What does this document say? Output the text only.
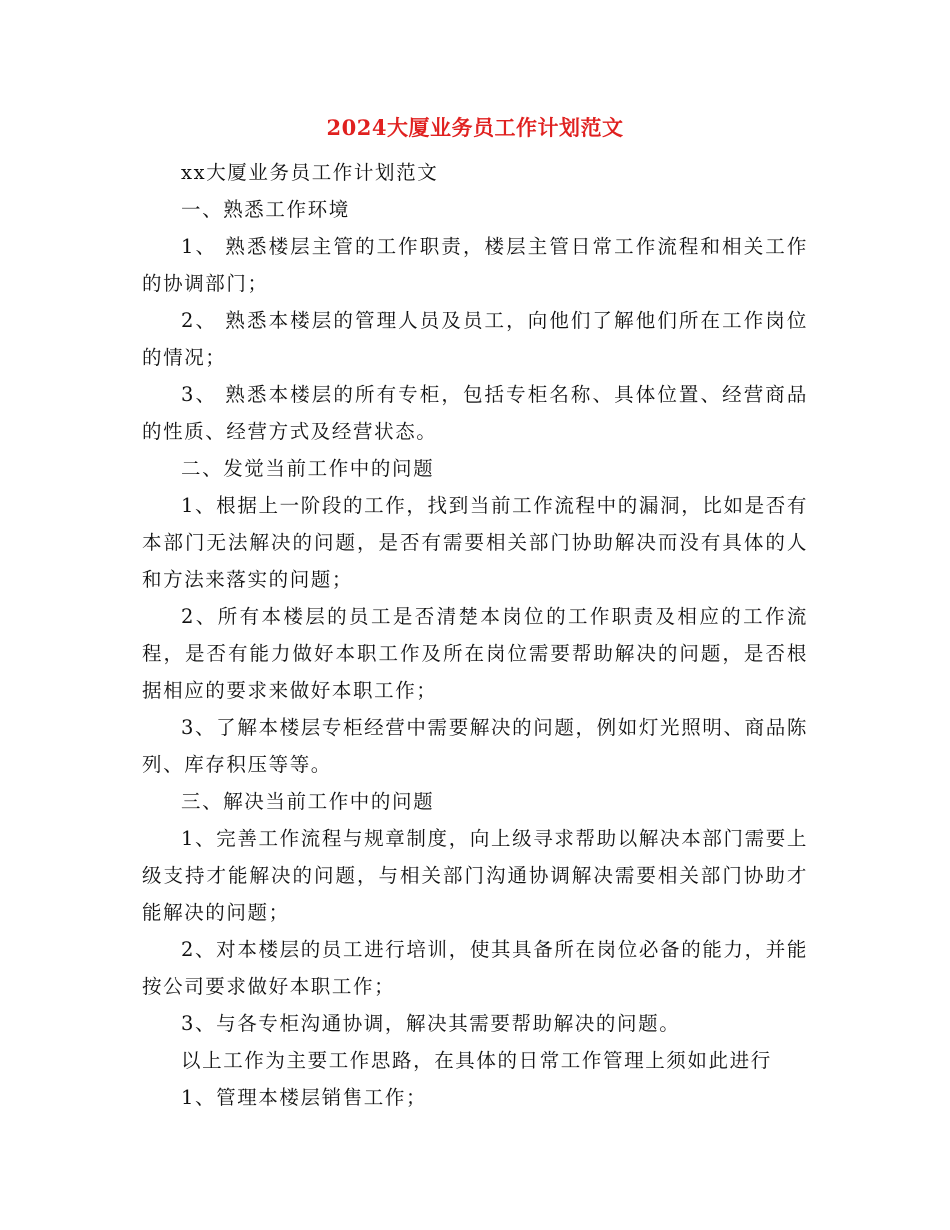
2024大厦业务员工作计划范文

xx大厦业务员工作计划范文

一、熟悉工作环境

1、 熟悉楼层主管的工作职责，楼层主管日常工作流程和相关工作的协调部门；

2、 熟悉本楼层的管理人员及员工，向他们了解他们所在工作岗位的情况；

3、 熟悉本楼层的所有专柜，包括专柜名称、具体位置、经营商品的性质、经营方式及经营状态。

二、发觉当前工作中的问题

1、根据上一阶段的工作，找到当前工作流程中的漏洞，比如是否有本部门无法解决的问题，是否有需要相关部门协助解决而没有具体的人和方法来落实的问题；

2、所有本楼层的员工是否清楚本岗位的工作职责及相应的工作流程，是否有能力做好本职工作及所在岗位需要帮助解决的问题，是否根据相应的要求来做好本职工作；

3、了解本楼层专柜经营中需要解决的问题，例如灯光照明、商品陈列、库存积压等等。

三、解决当前工作中的问题

1、完善工作流程与规章制度，向上级寻求帮助以解决本部门需要上级支持才能解决的问题，与相关部门沟通协调解决需要相关部门协助才能解决的问题；

2、对本楼层的员工进行培训，使其具备所在岗位必备的能力，并能按公司要求做好本职工作；

3、与各专柜沟通协调，解决其需要帮助解决的问题。

以上工作为主要工作思路，在具体的日常工作管理上须如此进行

1、管理本楼层销售工作；
